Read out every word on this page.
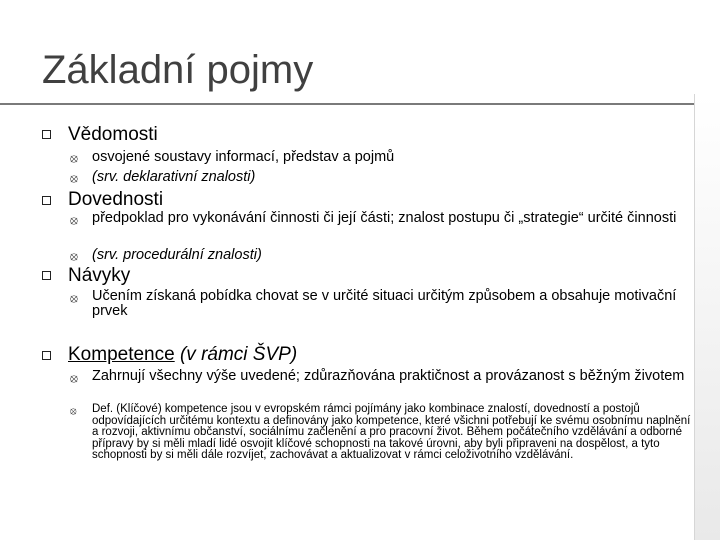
Základní pojmy
Vědomosti
⦻ osvojené soustavy informací, představ a pojmů
⦻ (srv. deklarativní znalosti)
Dovednosti
⦻ předpoklad pro vykonávání činnosti či její části; znalost postupu či „strategie“ určité činnosti
⦻ (srv. procedurální znalosti)
Návyky
⦻ Učením získaná pobídka chovat se v určité situaci určitým způsobem a obsahuje motivační prvek
Kompetence (v rámci ŠVP)
⦻ Zahrnují všechny výše uvedené; zdůrazňována praktičnost a provázanost s běžným životem
⦻ Def. (Klíčové) kompetence jsou v evropském rámci pojímány jako kombinace znalostí, dovedností a postojů odpovídajících určitému kontextu a definovány jako kompetence, které všichni potřebují ke svému osobnímu naplnění a rozvoji, aktivnímu občanství, sociálnímu začlenění a pro pracovní život. Během počátečního vzdělávání a odborné přípravy by si měli mladí lidé osvojit klíčové schopnosti na takové úrovni, aby byli připraveni na dospělost, a tyto schopnosti by si měli dále rozvíjet, zachovávat a aktualizovat v rámci celoživotního vzdělávání.
